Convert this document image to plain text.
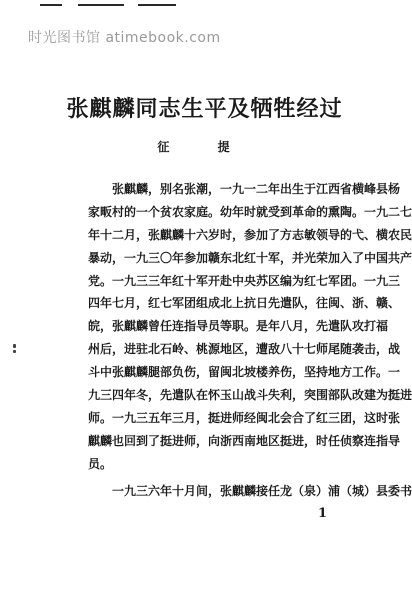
时光图书馆 atimebook.com
张麒麟同志生平及牺牲经过
征 提
张麒麟，别名张潮，一九一二年出生于江西省横峰县杨
家畈村的一个贫农家庭。幼年时就受到革命的熏陶。一九二七
年十二月，张麒麟十六岁时，参加了方志敏领导的弋、横农民
暴动，一九三〇年参加赣东北红十军，并光荣加入了中国共产
党。一九三三年红十军开赴中央苏区编为红七军团。一九三
四年七月，红七军团组成北上抗日先遣队，往闽、浙、赣、
皖，张麒麟曾任连指导员等职。是年八月，先遣队攻打福
州后，进驻北石岭、桃源地区，遭敌八十七师尾随袭击，战
斗中张麒麟腿部负伤，留闽北坡楼养伤，坚持地方工作。一
九三四年冬，先遣队在怀玉山战斗失利，突围部队改建为挺进
师。一九三五年三月，挺进师经闽北会合了红三团，这时张
麒麟也回到了挺进师，向浙西南地区挺进，时任侦察连指导
员。
一九三六年十月间，张麒麟接任龙（泉）浦（城）县委书
1
